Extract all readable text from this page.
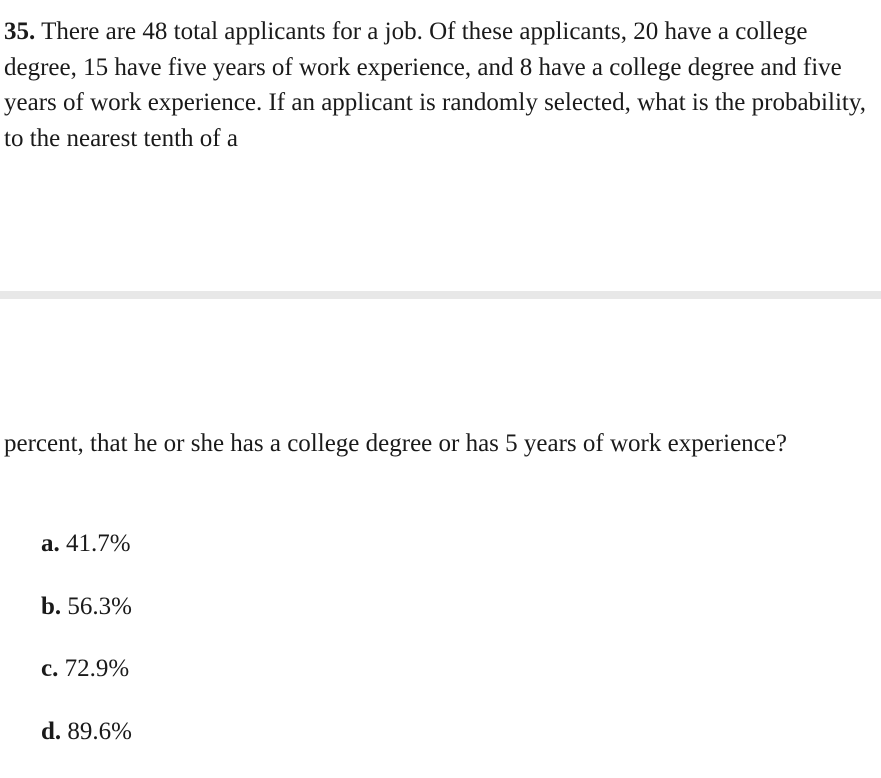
35. There are 48 total applicants for a job. Of these applicants, 20 have a college degree, 15 have five years of work experience, and 8 have a college degree and five years of work experience. If an applicant is randomly selected, what is the probability, to the nearest tenth of a
percent, that he or she has a college degree or has 5 years of work experience?
a. 41.7%
b. 56.3%
c. 72.9%
d. 89.6%
